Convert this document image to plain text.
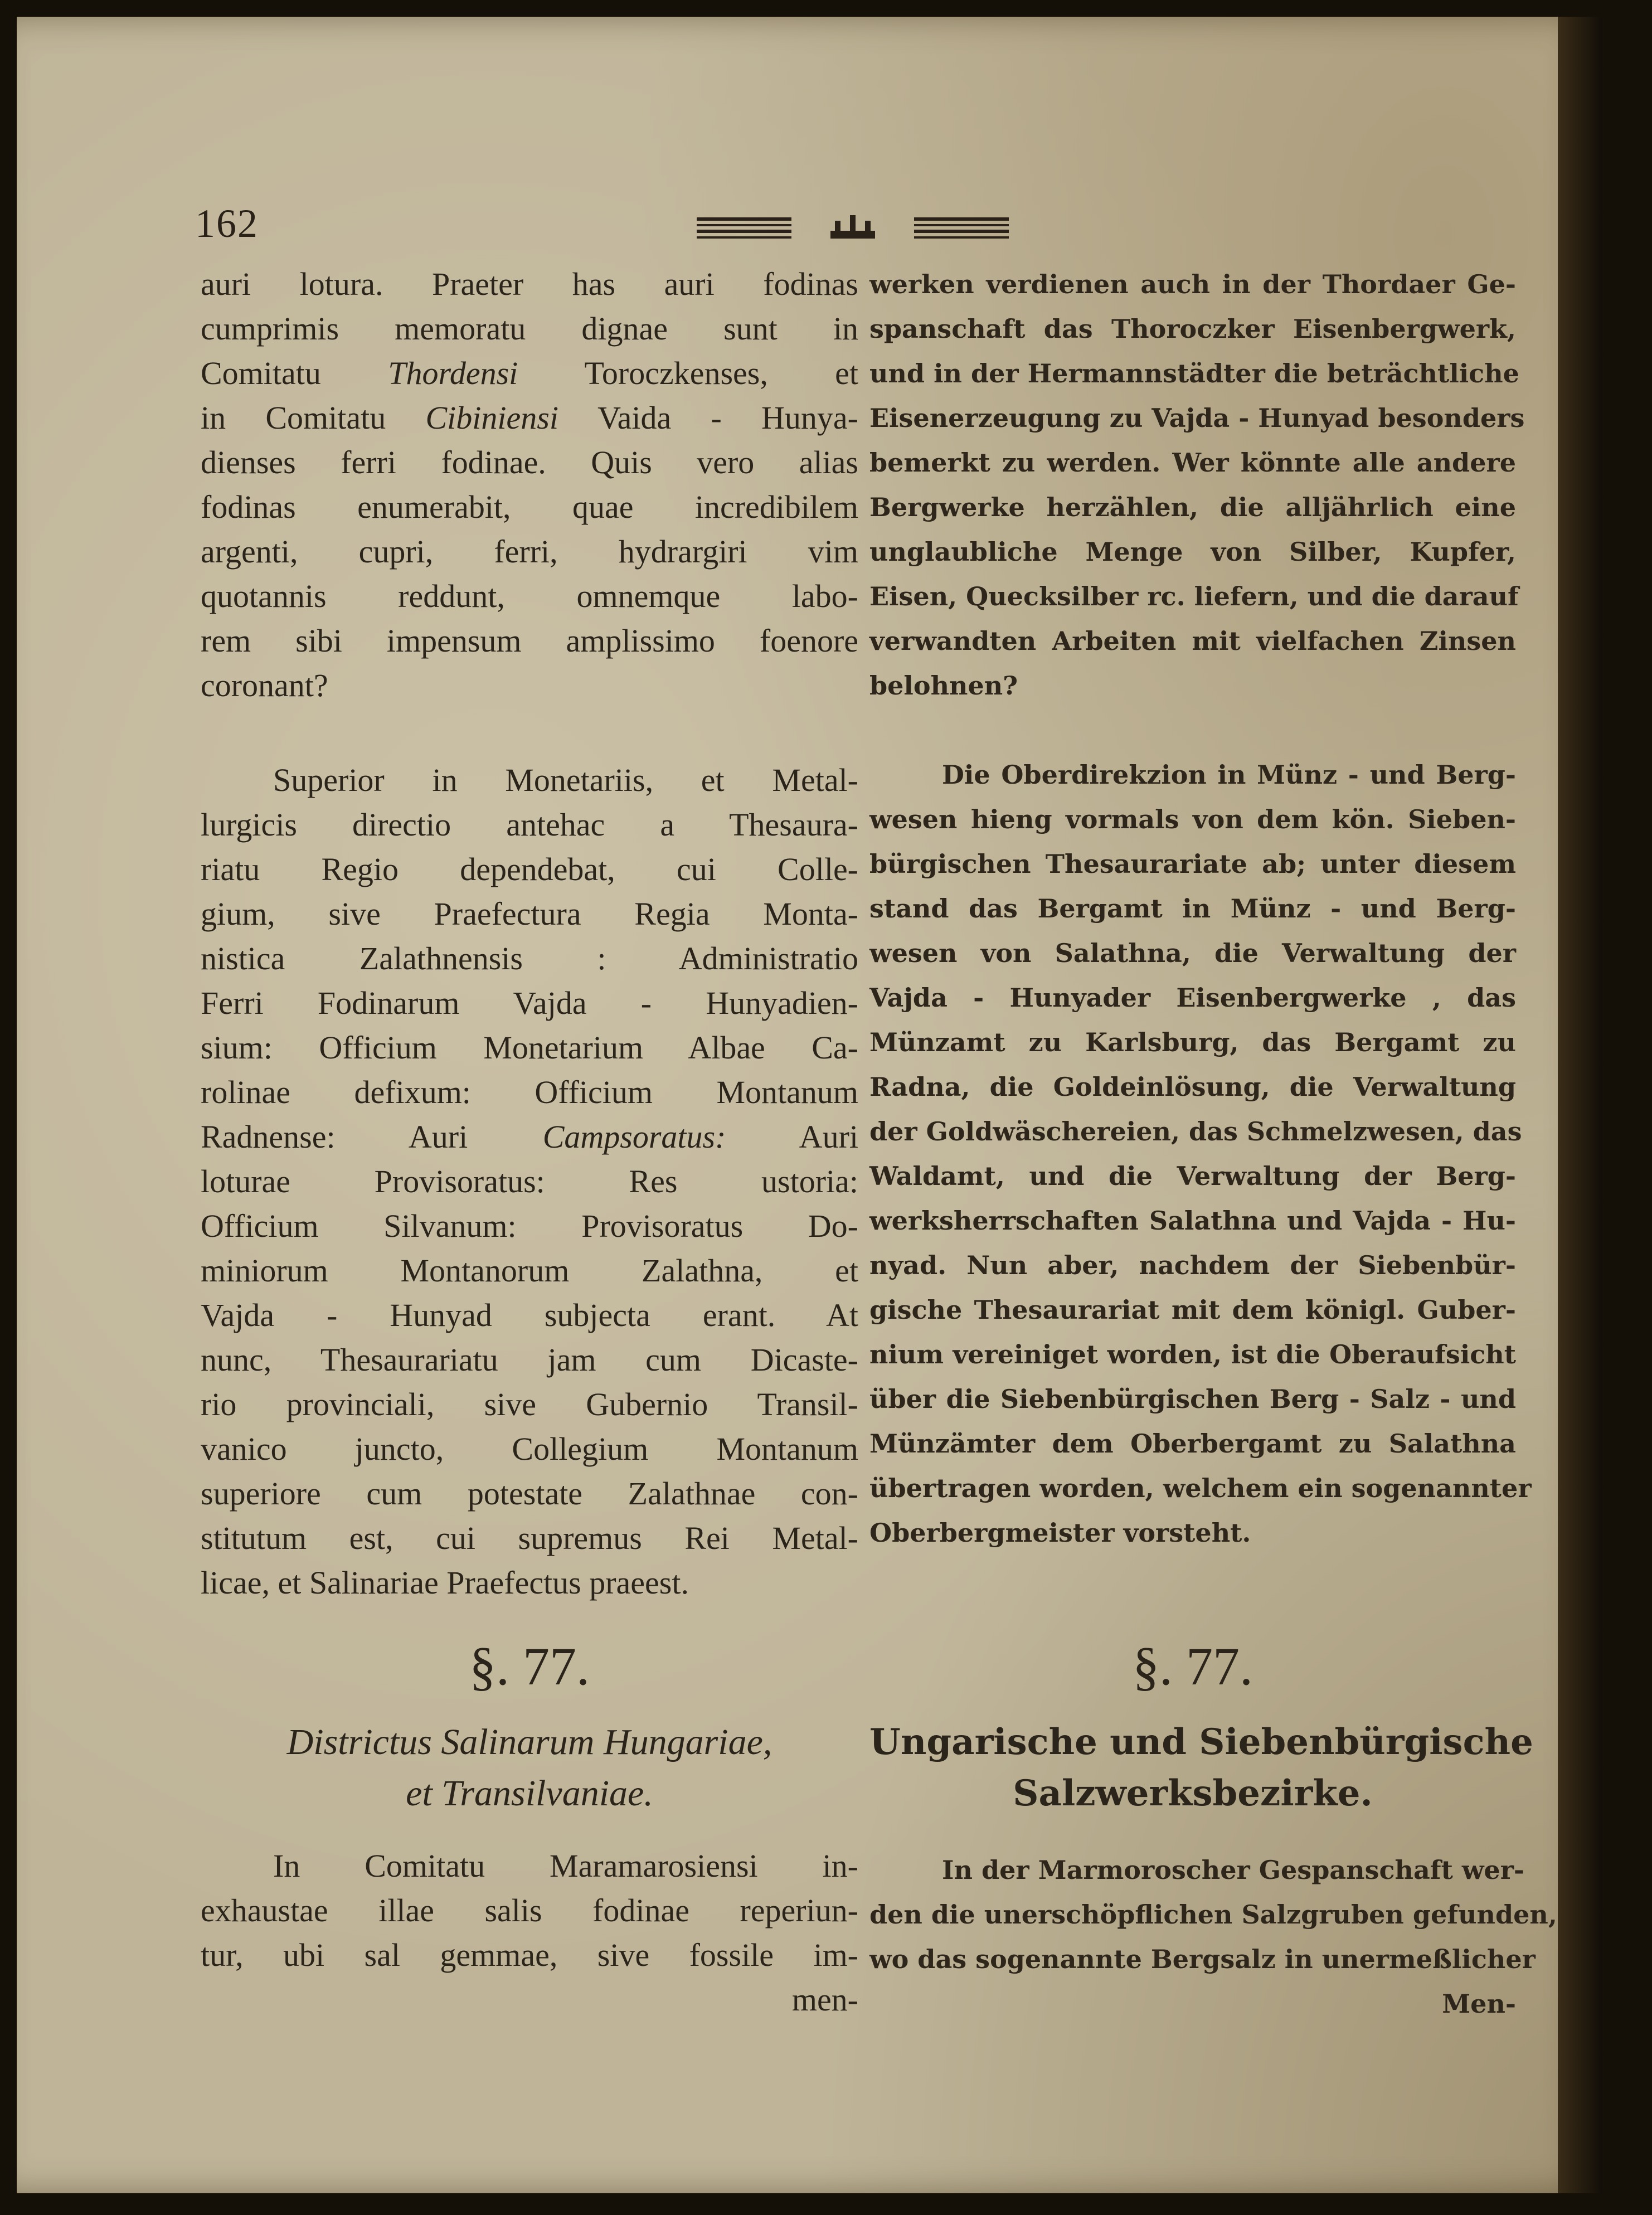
162
auri lotura. Praeter has auri fodinas
cumprimis memoratu dignae sunt in
Comitatu Thordensi Toroczkenses, et
in Comitatu Cibiniensi Vaida - Hunya-
dienses ferri fodinae. Quis vero alias
fodinas enumerabit, quae incredibilem
argenti, cupri, ferri, hydrargiri vim
quotannis reddunt, omnemque labo-
rem sibi impensum amplissimo foenore
coronant?
Superior in Monetariis, et Metal-
lurgicis directio antehac a Thesaura-
riatu Regio dependebat, cui Colle-
gium, sive Praefectura Regia Monta-
nistica Zalathnensis : Administratio
Ferri Fodinarum Vajda - Hunyadien-
sium: Officium Monetarium Albae Ca-
rolinae defixum: Officium Montanum
Radnense: Auri Campsoratus: Auri
loturae Provisoratus: Res ustoria:
Officium Silvanum: Provisoratus Do-
miniorum Montanorum Zalathna, et
Vajda - Hunyad subjecta erant. At
nunc, Thesaurariatu jam cum Dicaste-
rio provinciali, sive Gubernio Transil-
vanico juncto, Collegium Montanum
superiore cum potestate Zalathnae con-
stitutum est, cui supremus Rei Metal-
licae, et Salinariae Praefectus praeest.
§. 77.
Districtus Salinarum Hungariae,
et Transilvaniae.
In Comitatu Maramarosiensi in-
exhaustae illae salis fodinae reperiun-
tur, ubi sal gemmae, sive fossile im-
men-
werken verdienen auch in der Thordaer Ge-
spanschaft das Thoroczker Eisenbergwerk,
und in der Hermannstädter die beträchtliche
Eisenerzeugung zu Vajda - Hunyad besonders
bemerkt zu werden. Wer könnte alle andere
Bergwerke herzählen, die alljährlich eine
unglaubliche Menge von Silber, Kupfer,
Eisen, Quecksilber rc. liefern, und die darauf
verwandten Arbeiten mit vielfachen Zinsen
belohnen?
Die Oberdirekzion in Münz - und Berg-
wesen hieng vormals von dem kön. Sieben-
bürgischen Thesaurariate ab; unter diesem
stand das Bergamt in Münz - und Berg-
wesen von Salathna, die Verwaltung der
Vajda - Hunyader Eisenbergwerke , das
Münzamt zu Karlsburg, das Bergamt zu
Radna, die Goldeinlösung, die Verwaltung
der Goldwäschereien, das Schmelzwesen, das
Waldamt, und die Verwaltung der Berg-
werksherrschaften Salathna und Vajda - Hu-
nyad. Nun aber, nachdem der Siebenbür-
gische Thesaurariat mit dem königl. Guber-
nium vereiniget worden, ist die Oberaufsicht
über die Siebenbürgischen Berg - Salz - und
Münzämter dem Oberbergamt zu Salathna
übertragen worden, welchem ein sogenannter
Oberbergmeister vorsteht.
§. 77.
Ungarische und Siebenbürgische
Salzwerksbezirke.
In der Marmoroscher Gespanschaft wer-
den die unerschöpflichen Salzgruben gefunden,
wo das sogenannte Bergsalz in unermeßlicher
Men-
